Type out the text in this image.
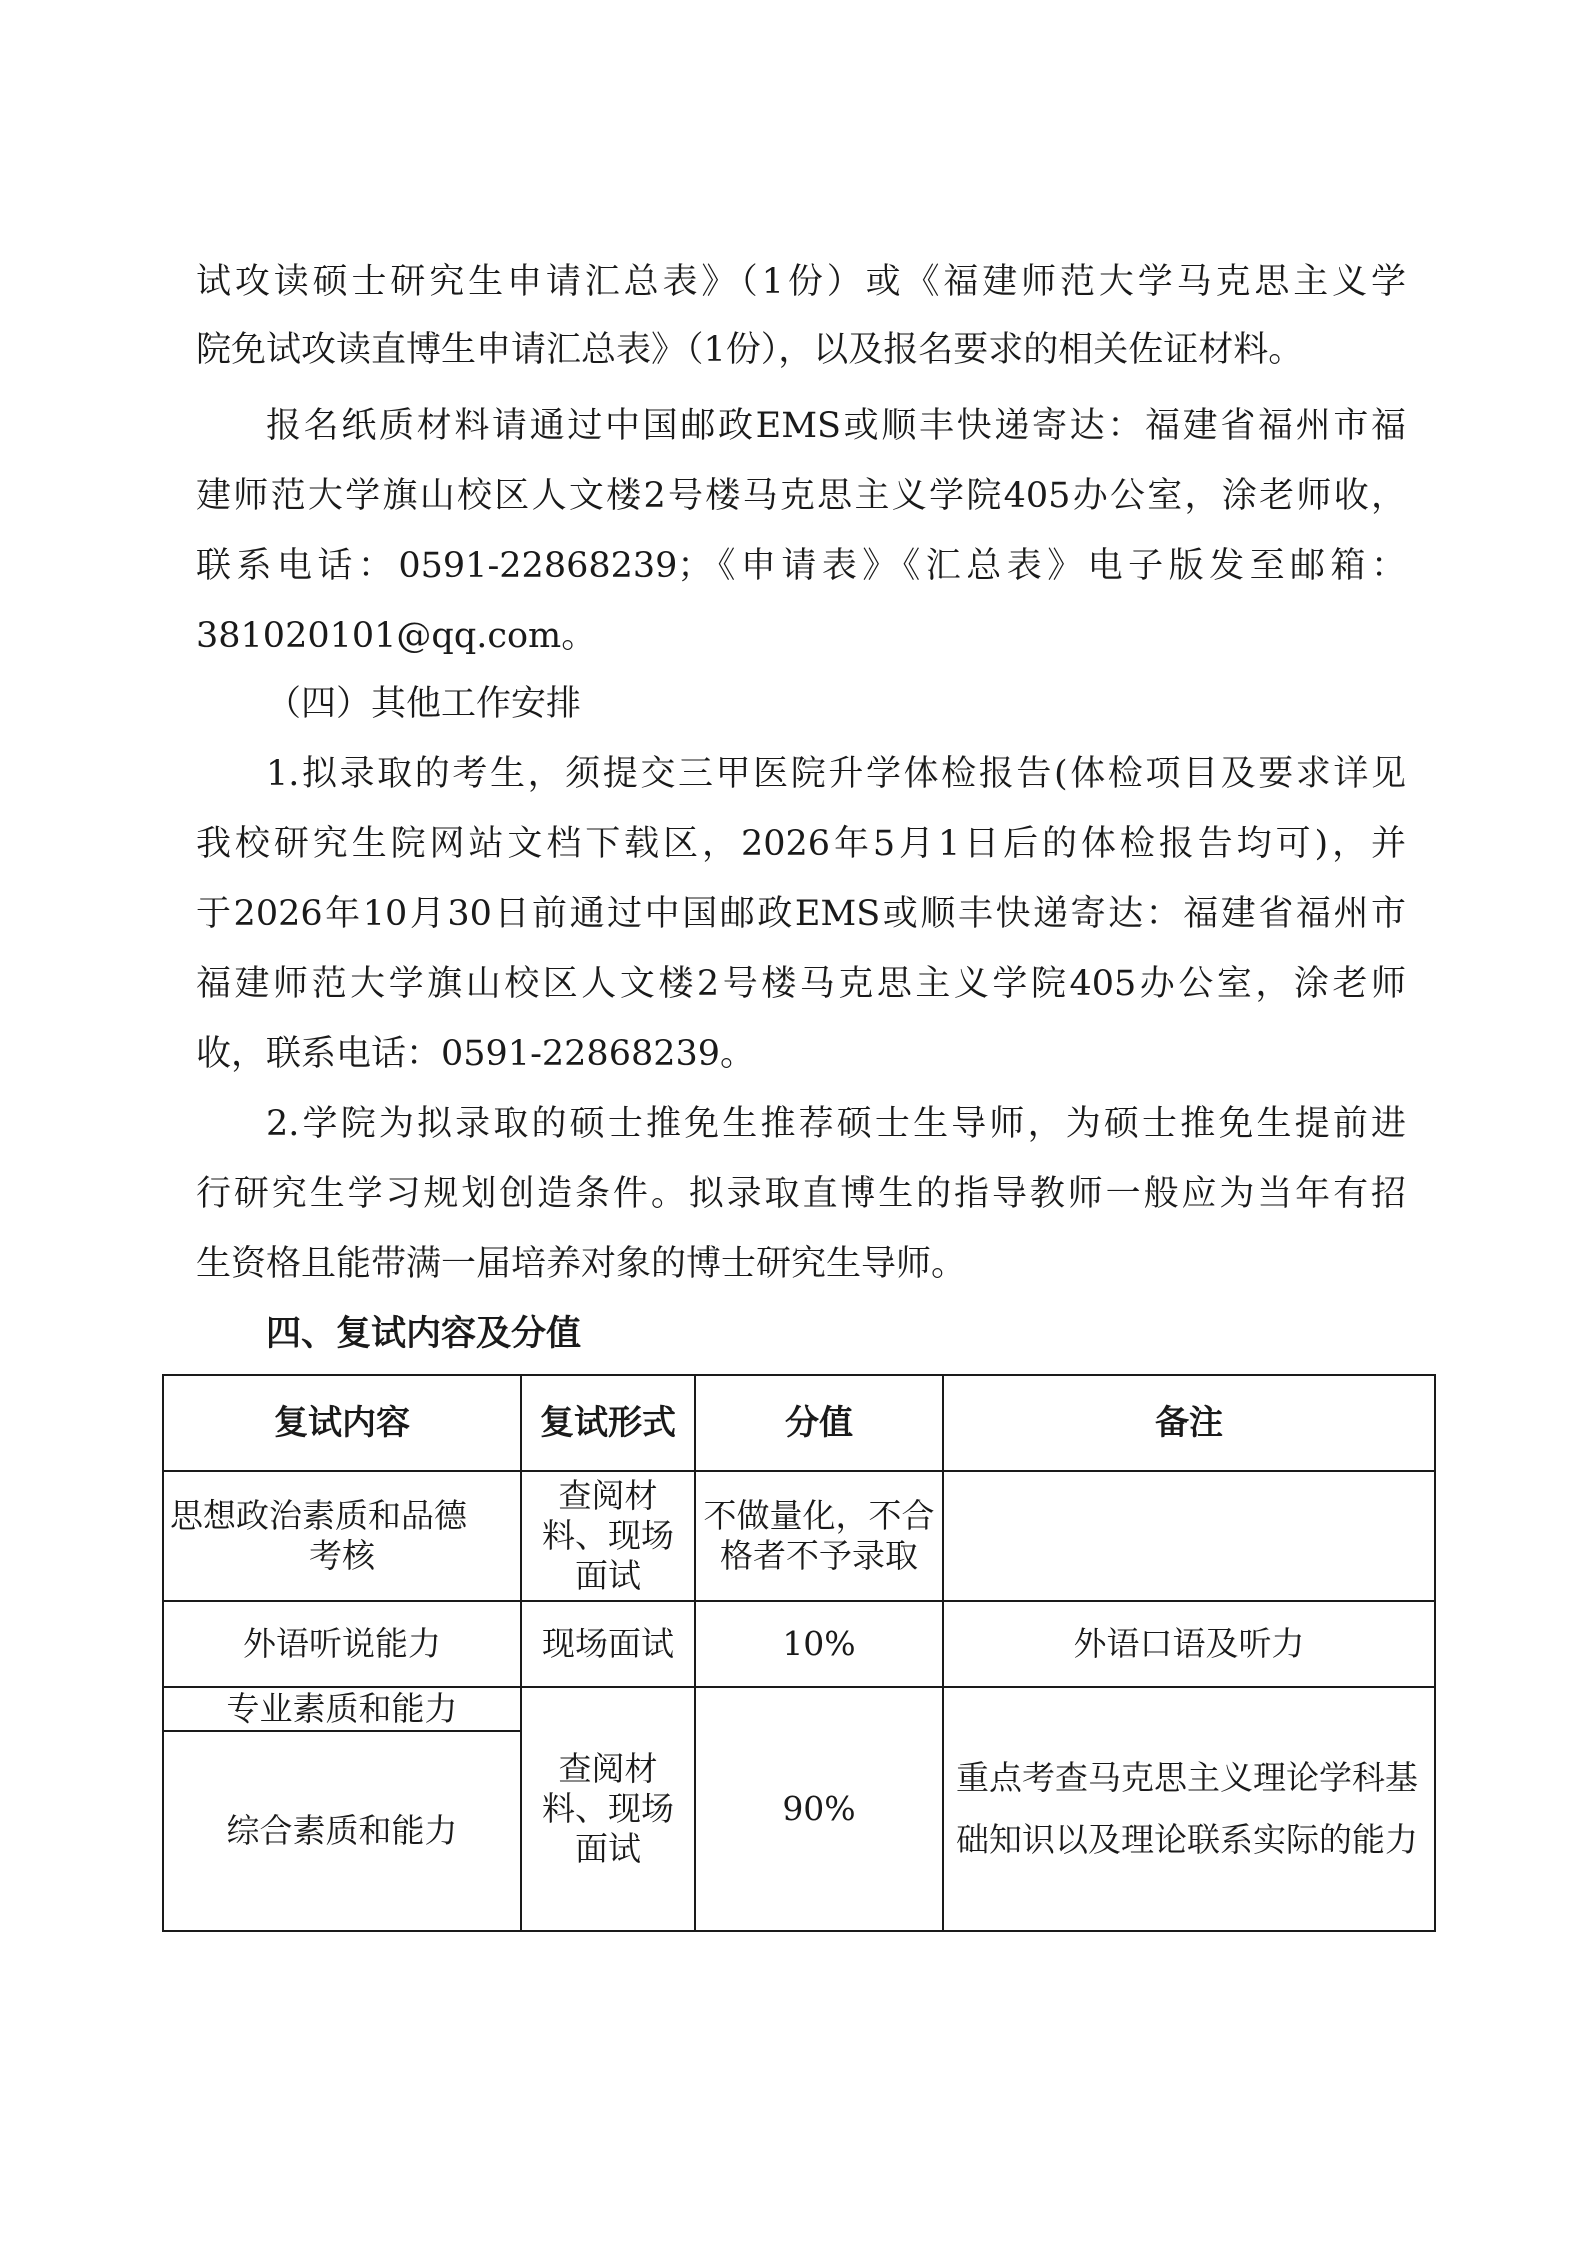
试攻读硕士研究生申请汇总表》（1份）或《福建师范大学马克思主义学
院免试攻读直博生申请汇总表》（1份），以及报名要求的相关佐证材料。
报名纸质材料请通过中国邮政EMS或顺丰快递寄达：福建省福州市福
建师范大学旗山校区人文楼2号楼马克思主义学院405办公室，涂老师收，
联系电话：0591-22868239；《申请表》《汇总表》电子版发至邮箱：
381020101@qq.com。
（四）其他工作安排
1.拟录取的考生，须提交三甲医院升学体检报告(体检项目及要求详见
我校研究生院网站文档下载区，2026年5月1日后的体检报告均可)，并
于2026年10月30日前通过中国邮政EMS或顺丰快递寄达：福建省福州市
福建师范大学旗山校区人文楼2号楼马克思主义学院405办公室，涂老师
收，联系电话：0591-22868239。
2.学院为拟录取的硕士推免生推荐硕士生导师，为硕士推免生提前进
行研究生学习规划创造条件。拟录取直博生的指导教师一般应为当年有招
生资格且能带满一届培养对象的博士研究生导师。
四、复试内容及分值
复试内容	复试形式	分值	备注

思想政治素质和品德
考核	查阅材料、现场面试	不做量化，不合格者不予录取	
外语听说能力	现场面试	10%	外语口语及听力
专业素质和能力	查阅材料、现场面试	90%	重点考查马克思主义理论学科基础知识以及理论联系实际的能力
综合素质和能力			
